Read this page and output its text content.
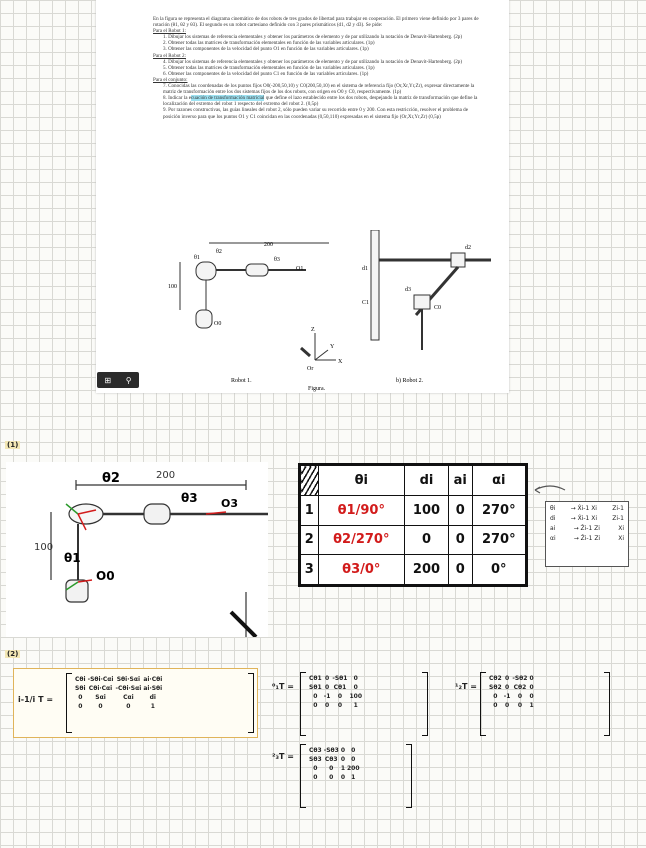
En la figura se representa el diagrama cinemático de dos robots de tres grados de libertad para trabajar en cooperación. El primero viene definido por 3 pares de rotación (θ1, θ2 y θ3). El segundo es un robot cartesiano definido con 3 pares prismáticos (d1, d2 y d3). Se pide:
Para el Robot 1:
1. Dibujar los sistemas de referencia elementales y obtener los parámetros de elemento y de par utilizando la notación de Denavit-Hartenberg. (2p)
2. Obtener todas las matrices de transformación elementales en función de las variables articulares. (1p)
3. Obtener las componentes de la velocidad del punto O1 en función de las variables articulares. (1p)
Para el Robot 2:
4. Dibujar los sistemas de referencia elementales y obtener los parámetros de elemento y de par utilizando la notación de Denavit-Hartenberg. (2p)
5. Obtener todas las matrices de transformación elementales en función de las variables articulares. (1p)
6. Obtener las componentes de la velocidad del punto C1 en función de las variables articulares. (1p)
Para el conjunto:
7. Conocidas las coordenadas de los puntos fijos O0(-200,50,10) y C0(200,50,10) en el sistema de referencia fijo (Or,Xr,Yr,Zr), expresar directamente la matriz de transformación entre los dos sistemas fijos de los dos robots, con origen en O0 y C0, respectivamente. (1p)
8. Indicar la ecuación de transformación matricial que define el lazo establecido entre los dos robots, despejando la matriz de transformación que define la localización del extremo del robot 1 respecto del extremo del robot 2. (0,5p)
9. Por razones constructivas, las guías lineales del robot 2, sólo pueden variar su recorrido entre 0 y 200. Con esta restricción, resolver el problema de posición inverso para que los puntos O1 y C1 coincidan en las coordenadas (0,50,110) expresadas en el sistema fijo (Or,Xr,Yr,Zr) (0,5p)
200
100
θ1
θ2
θ3
O1
O0
d2
d1
d3
C1
C0
Z
Y
X
Or
Robot 1.	b) Robot 2.
Figura.
⊞ ⚲
(1)
θ2	200
θ3 O3
100
θ1
O0
	θi	di	ai	αi
1	θ1/90°	100	0	270°
2	θ2/270°	0	0	270°
3	θ3/0°	200	0	0°
θi	→ X̂i-1 Xi	Zi-1
di	→ X̂i-1 Xi	Zi-1
ai	→ Ẑi-1 Zi	Xi
αi	→ Ẑi-1 Zi	Xi
(2)
i-1/i T =
Cθi	-Sθi·Cαi	Sθi·Sαi	ai·Cθi
Sθi	Cθi·Cαi	-Cθi·Sαi	ai·Sθi
0	Sαi	Cαi	di
0	0	0	1
⁰₁T =
Cθ1	0	-Sθ1	0
Sθ1	0	Cθ1	0
0	-1	0	100
0	0	0	1
¹₂T =
Cθ2	0	-Sθ2	0
Sθ2	0	Cθ2	0
0	-1	0	0
0	0	0	1
²₃T =
Cθ3	-Sθ3	0	0
Sθ3	Cθ3	0	0
0	0	1	200
0	0	0	1
